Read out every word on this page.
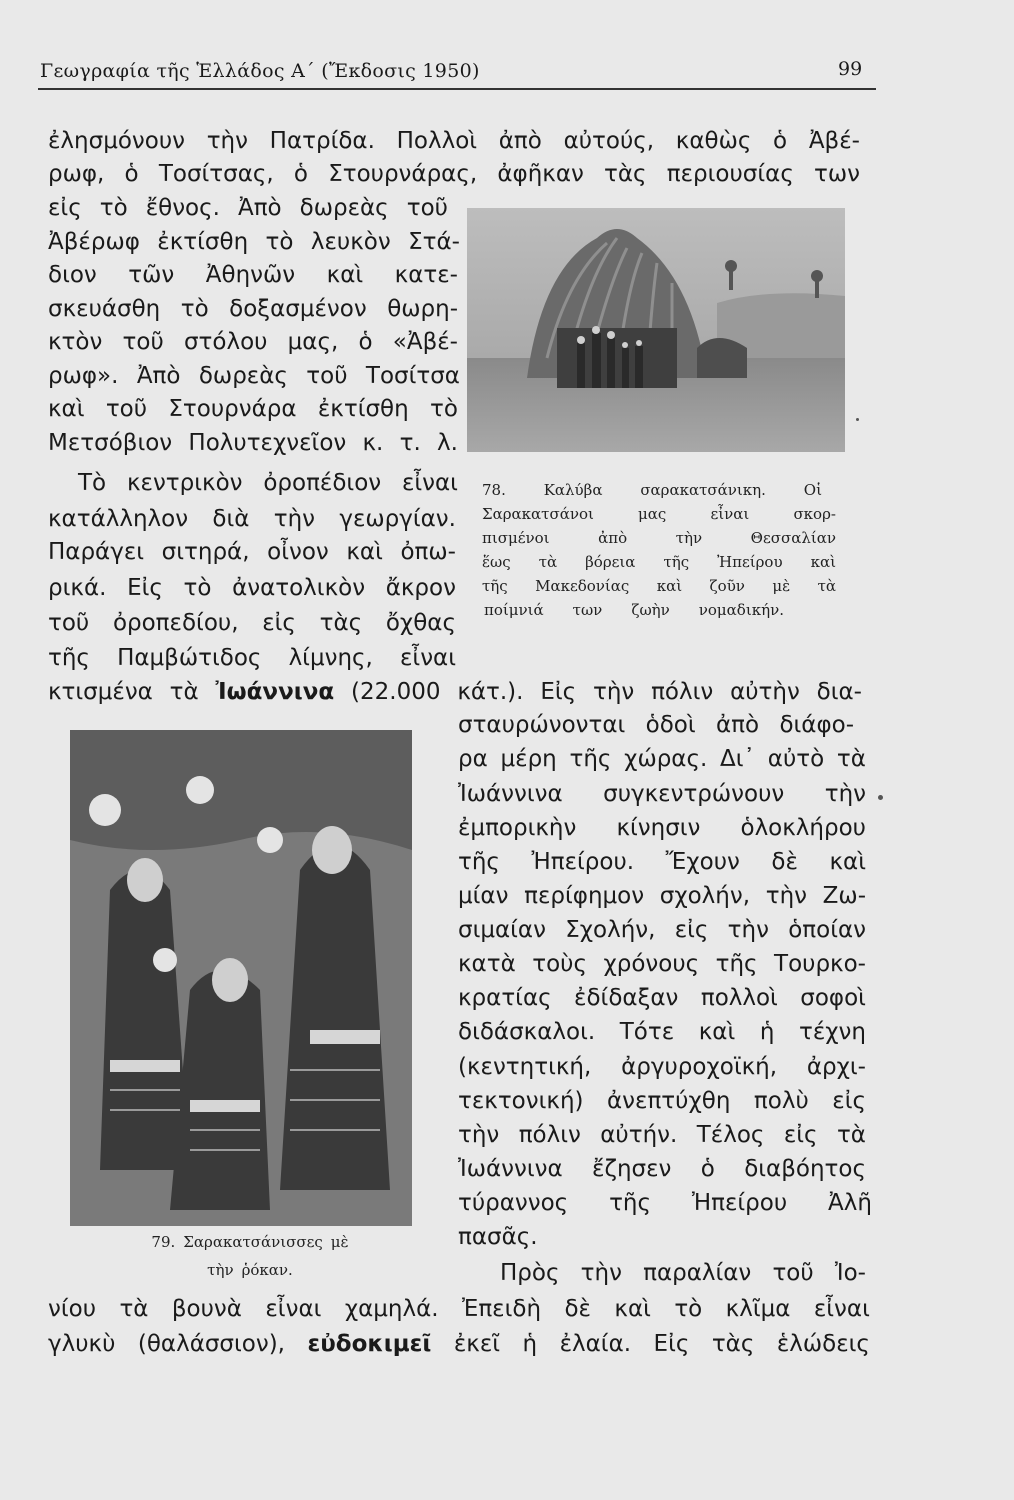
Γεωγραφία τῆς Ἑλλάδος Α΄ (Ἔκδοσις 1950)	99
ἐλησμόνουν τὴν Πατρίδα. Πολλοὶ ἀπὸ αὐτούς, καθὼς ὁ Ἀβέ-
ρωφ, ὁ Τοσίτσας, ὁ Στουρνάρας, ἀφῆκαν τὰς περιουσίας των
εἰς τὸ ἔθνος. Ἀπὸ δωρεὰς τοῦ
Ἀβέρωφ ἐκτίσθη τὸ λευκὸν Στά-
διον τῶν Ἀθηνῶν καὶ κατε-
σκευάσθη τὸ δοξασμένον θωρη-
κτὸν τοῦ στόλου μας, ὁ «Ἀβέ-
ρωφ». Ἀπὸ δωρεὰς τοῦ Τοσίτσα
καὶ τοῦ Στουρνάρα ἐκτίσθη τὸ
Μετσόβιον Πολυτεχνεῖον κ. τ. λ.
Τὸ κεντρικὸν ὀροπέδιον εἶναι
κατάλληλον διὰ τὴν γεωργίαν.
Παράγει σιτηρά, οἶνον καὶ ὀπω-
ρικά. Εἰς τὸ ἀνατολικὸν ἄκρον
τοῦ ὀροπεδίου, εἰς τὰς ὄχθας
τῆς Παμβώτιδος λίμνης, εἶναι
78.	Καλύβα	σαρακατσάνικη.	Οἱ
Σαρακατσάνοι	μας	εἶναι	σκορ-
πισμένοι	ἀπὸ	τὴν	Θεσσαλίαν
ἕως τὰ βόρεια τῆς Ἠπείρου καὶ
τῆς Μακεδονίας καὶ ζοῦν μὲ τὰ
ποίμνιά των ζωὴν νομαδικήν.
κτισμένα τὰ Ἰωάννινα (22.000 κάτ.). Εἰς τὴν πόλιν αὐτὴν δια-
σταυρώνονται ὁδοὶ ἀπὸ διάφο-
ρα μέρη τῆς χώρας. Δι᾿ αὐτὸ τὰ
Ἰωάννινα συγκεντρώνουν τὴν
ἐμπορικὴν κίνησιν ὁλοκλήρου
τῆς Ἠπείρου. Ἔχουν δὲ καὶ
μίαν περίφημον σχολήν, τὴν Ζω-
σιμαίαν Σχολήν, εἰς τὴν ὁποίαν
κατὰ τοὺς χρόνους τῆς Τουρκο-
κρατίας ἐδίδαξαν πολλοὶ σοφοὶ
διδάσκαλοι. Τότε καὶ ἡ τέχνη
(κεντητική, ἀργυροχοϊκή, ἀρχι-
τεκτονική) ἀνεπτύχθη πολὺ εἰς
τὴν πόλιν αὐτήν. Τέλος εἰς τὰ
Ἰωάννινα ἔζησεν ὁ διαβόητος
τύραννος τῆς Ἠπείρου Ἀλῆ
πασᾶς.
Πρὸς τὴν παραλίαν τοῦ Ἰο-
79. Σαρακατσάνισσες μὲ
τὴν ῥόκαν.
νίου τὰ βουνὰ εἶναι χαμηλά. Ἐπειδὴ δὲ καὶ τὸ κλῖμα εἶναι
γλυκὺ (θαλάσσιον), εὐδοκιμεῖ ἐκεῖ ἡ ἐλαία. Εἰς τὰς ἑλώδεις
